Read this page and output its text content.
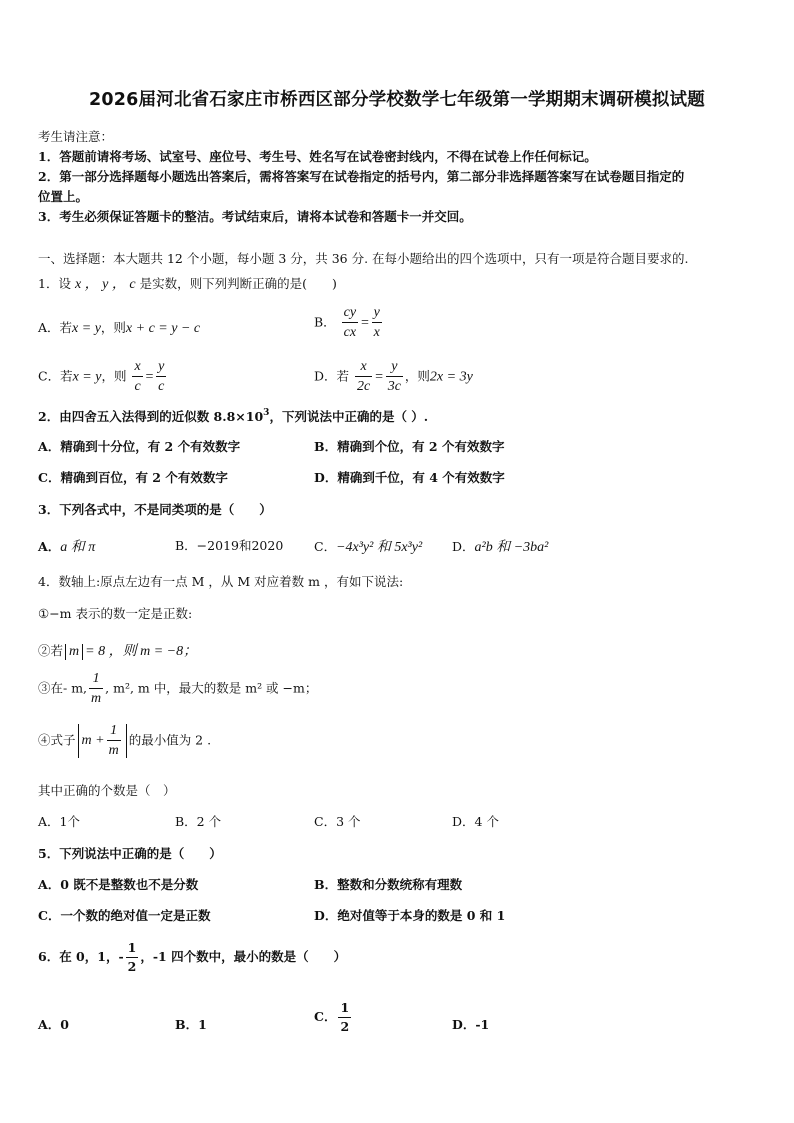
2026届河北省石家庄市桥西区部分学校数学七年级第一学期期末调研模拟试题
考生请注意：
1．答题前请将考场、试室号、座位号、考生号、姓名写在试卷密封线内，不得在试卷上作任何标记。
2．第一部分选择题每小题选出答案后，需将答案写在试卷指定的括号内，第二部分非选择题答案写在试卷题目指定的
位置上。
3．考生必须保证答题卡的整洁。考试结束后，请将本试卷和答题卡一并交回。
一、选择题：本大题共 12 个小题，每小题 3 分，共 36 分. 在每小题给出的四个选项中，只有一项是符合题目要求的.
1．设 x ， y ， c 是实数，则下列判断正确的是(　　)
A．若x = y，则x + c = y − c	B． $\frac{cy}{cx} = \frac{y}{x}$
C．若x = y，则 $\frac{x}{c} = \frac{y}{c}$	D．若 $\frac{x}{2c} = \frac{y}{3c}$ ，则2x = 3y
2．由四舍五入法得到的近似数 $8.8\times 10^3$，下列说法中正确的是（ ）.
A．精确到十分位，有 2 个有效数字	B．精确到个位，有 2 个有效数字
C．精确到百位，有 2 个有效数字	D．精确到千位，有 4 个有效数字
3．下列各式中，不是同类项的是（　　）
A．a 和 π	B．−2019和2020 C．−4x³y² 和 5x³y² D．a²b 和 −3ba²
4．数轴上:原点左边有一点 M ，从 M 对应着数 m ，有如下说法:
①−m 表示的数一定是正数:
②若 m = 8 ，则 m = −8；
③在- m, $\frac{1}{m}$ , m², m 中，最大的数是 m² 或 −m；
④式子 $m + \frac{1}{m}$ 的最小值为 2 .
其中正确的个数是（　）
A．1个	B．2 个	C．3 个	D．4 个
5．下列说法中正确的是（　　）
A．0 既不是整数也不是分数	B．整数和分数统称有理数
C．一个数的绝对值一定是正数	D．绝对值等于本身的数是 0 和 1
6．在 0，1，- $\frac{1}{2}$ ，-1 四个数中，最小的数是（　　）
A．0	B．1
C． $\frac{1}{2}$	D．-1
